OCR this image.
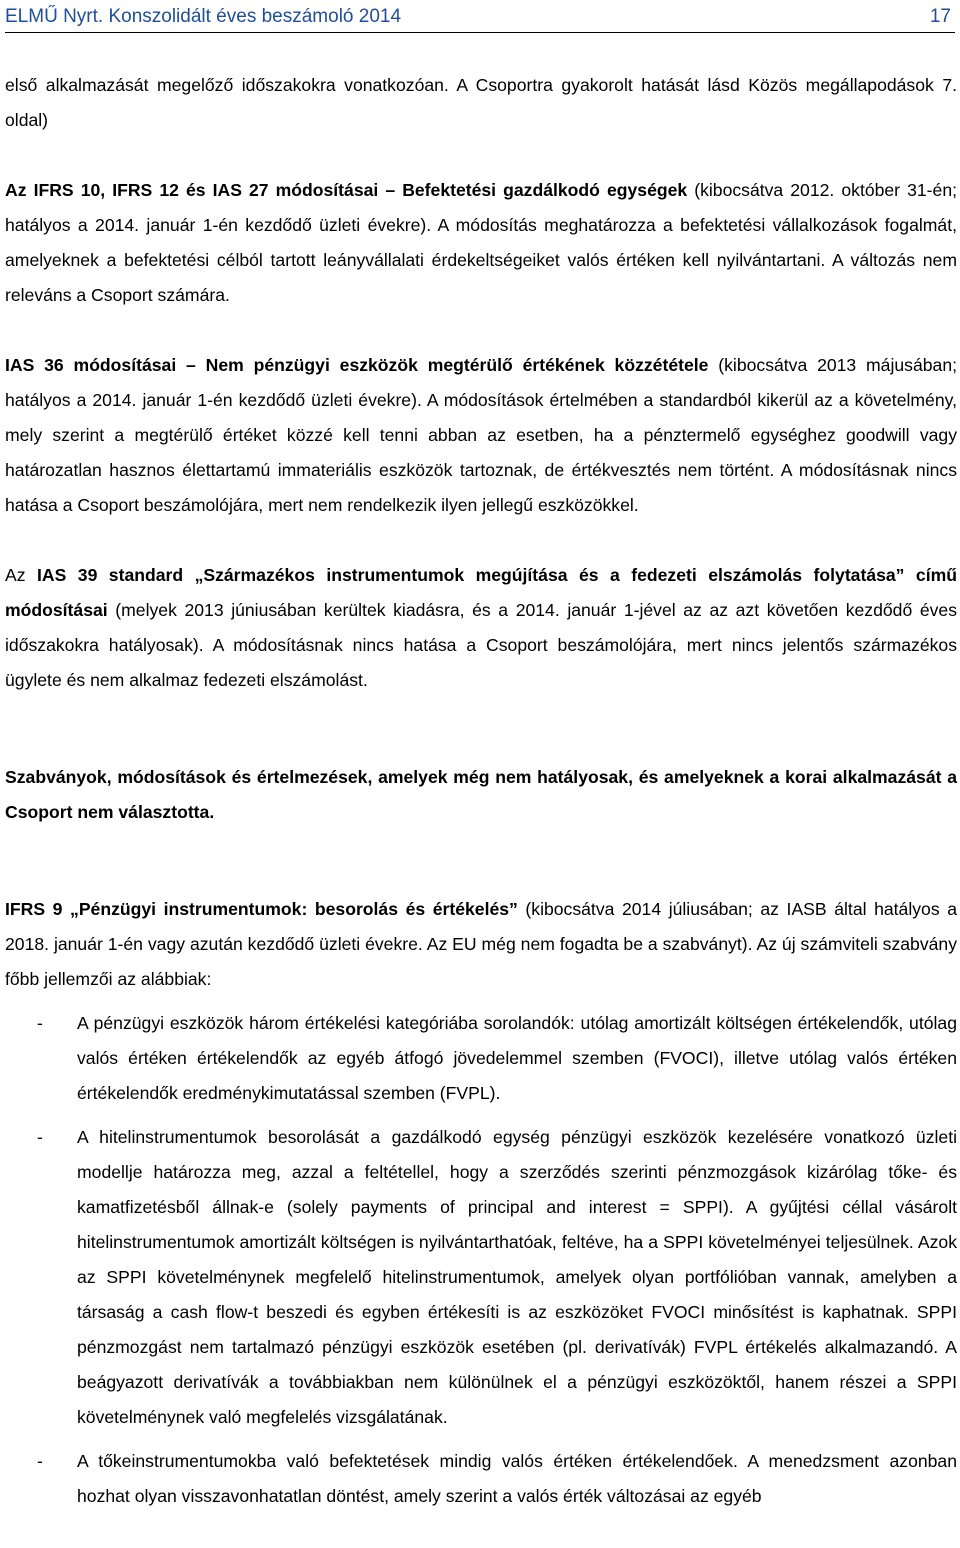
ELMŰ Nyrt. Konszolidált éves beszámoló 2014	17

első alkalmazását megelőző időszakokra vonatkozóan. A Csoportra gyakorolt hatását lásd Közös megállapodások 7. oldal)

Az IFRS 10, IFRS 12 és IAS 27 módosításai – Befektetési gazdálkodó egységek (kibocsátva 2012. október 31-én; hatályos a 2014. január 1-én kezdődő üzleti évekre). A módosítás meghatározza a befektetési vállalkozások fogalmát, amelyeknek a befektetési célból tartott leányvállalati érdekeltségeiket valós értéken kell nyilvántartani. A változás nem releváns a Csoport számára.

IAS 36 módosításai – Nem pénzügyi eszközök megtérülő értékének közzététele (kibocsátva 2013 májusában; hatályos a 2014. január 1-én kezdődő üzleti évekre). A módosítások értelmében a standardból kikerül az a követelmény, mely szerint a megtérülő értéket közzé kell tenni abban az esetben, ha a pénztermelő egységhez goodwill vagy határozatlan hasznos élettartamú immateriális eszközök tartoznak, de értékvesztés nem történt. A módosításnak nincs hatása a Csoport beszámolójára, mert nem rendelkezik ilyen jellegű eszközökkel.

Az IAS 39 standard „Származékos instrumentumok megújítása és a fedezeti elszámolás folytatása” című módosításai (melyek 2013 júniusában kerültek kiadásra, és a 2014. január 1-jével az az azt követően kezdődő éves időszakokra hatályosak). A módosításnak nincs hatása a Csoport beszámolójára, mert nincs jelentős származékos ügylete és nem alkalmaz fedezeti elszámolást.

Szabványok, módosítások és értelmezések, amelyek még nem hatályosak, és amelyeknek a korai alkalmazását a Csoport nem választotta.

IFRS 9 „Pénzügyi instrumentumok: besorolás és értékelés” (kibocsátva 2014 júliusában; az IASB által hatályos a 2018. január 1-én vagy azután kezdődő üzleti évekre. Az EU még nem fogadta be a szabványt). Az új számviteli szabvány főbb jellemzői az alábbiak:

- A pénzügyi eszközök három értékelési kategóriába sorolandók: utólag amortizált költségen értékelendők, utólag valós értéken értékelendők az egyéb átfogó jövedelemmel szemben (FVOCI), illetve utólag valós értéken értékelendők eredménykimutatással szemben (FVPL).
- A hitelinstrumentumok besorolását a gazdálkodó egység pénzügyi eszközök kezelésére vonatkozó üzleti modellje határozza meg, azzal a feltétellel, hogy a szerződés szerinti pénzmozgások kizárólag tőke- és kamatfizetésből állnak-e (solely payments of principal and interest = SPPI). A gyűjtési céllal vásárolt hitelinstrumentumok amortizált költségen is nyilvántarthatóak, feltéve, ha a SPPI követelményei teljesülnek. Azok az SPPI követelménynek megfelelő hitelinstrumentumok, amelyek olyan portfólióban vannak, amelyben a társaság a cash flow-t beszedi és egyben értékesíti is az eszközöket FVOCI minősítést is kaphatnak. SPPI pénzmozgást nem tartalmazó pénzügyi eszközök esetében (pl. derivatívák) FVPL értékelés alkalmazandó. A beágyazott derivatívák a továbbiakban nem különülnek el a pénzügyi eszközöktől, hanem részei a SPPI követelménynek való megfelelés vizsgálatának.
- A tőkeinstrumentumokba való befektetések mindig valós értéken értékelendőek. A menedzsment azonban hozhat olyan visszavonhatatlan döntést, amely szerint a valós érték változásai az egyéb
